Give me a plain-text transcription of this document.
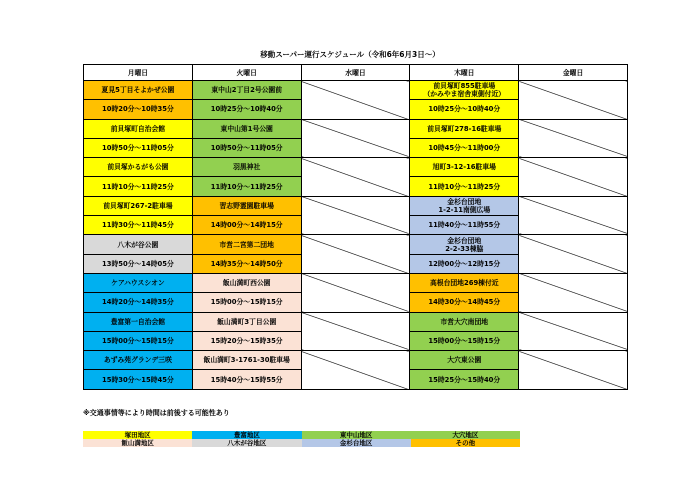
移動スーパー運行スケジュール（令和6年6月3日～）
月曜日	火曜日	水曜日	木曜日	金曜日
夏見5丁目そよかぜ公園	東中山2丁目2号公園前		前貝塚町855駐車場
（かみやま宿舎東側付近）	
10時20分～10時35分	10時25分～10時40分		10時25分～10時40分	
前貝塚町自治会館	東中山第1号公園		前貝塚町278-16駐車場	
10時50分～11時05分	10時50分～11時05分		10時45分～11時00分	
前貝塚かるがも公園	羽黒神社		旭町3-12-16駐車場	
11時10分～11時25分	11時10分～11時25分		11時10分～11時25分	
前貝塚町267-2駐車場	習志野霊園駐車場		金杉台団地
1-2-11南側広場	
11時30分～11時45分	14時00分～14時15分		11時40分～11時55分	
八木が谷公園	市営二宮第二団地		金杉台団地
2-2-33棟脇	
13時50分～14時05分	14時35分～14時50分		12時00分～12時15分	
ケアハウスシオン	飯山満町西公園		高根台団地269棟付近	
14時20分～14時35分	15時00分～15時15分		14時30分～14時45分	
豊富第一自治会館	飯山満町3丁目公園		市営大穴南団地	
15時00分～15時15分	15時20分～15時35分		15時00分～15時15分	
あずみ苑グランデ三咲	飯山満町3-1761-30駐車場		大穴東公園	
15時30分～15時45分	15時40分～15時55分		15時25分～15時40分	
※交通事情等により時間は前後する可能性あり
塚田地区	豊富地区	東中山地区	大穴地区
飯山満地区	八木が谷地区	金杉台地区	その他
